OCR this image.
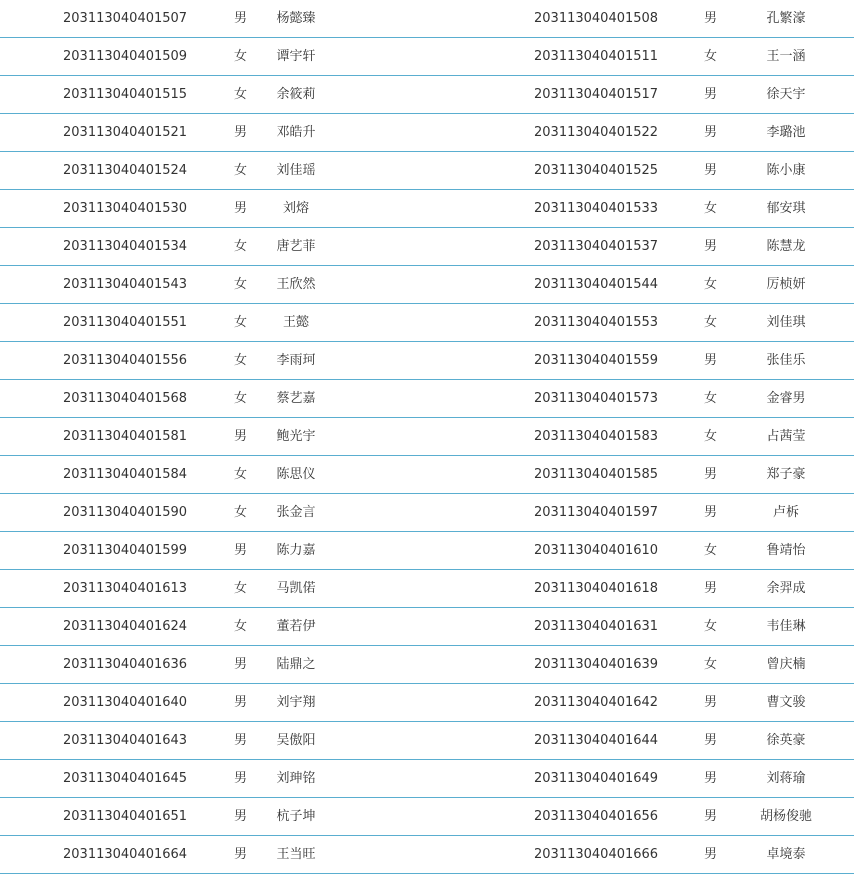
203113040401507	男 杨懿臻	203113040401508	男	孔繁濠
203113040401509	女 谭宇轩	203113040401511	女	王一涵
203113040401515	女 余筱莉	203113040401517	男	徐天宇
203113040401521	男 邓皓升	203113040401522	男	李璐池
203113040401524	女 刘佳瑶	203113040401525	男	陈小康
203113040401530	男	刘熔	203113040401533	女	郁安琪
203113040401534	女 唐艺菲	203113040401537	男	陈慧龙
203113040401543	女 王欣然	203113040401544	女	厉桢妍
203113040401551	女	王懿	203113040401553	女	刘佳琪
203113040401556	女 李雨珂	203113040401559	男	张佳乐
203113040401568	女 蔡艺嘉	203113040401573	女	金睿男
203113040401581	男 鲍光宇	203113040401583	女	占茜莹
203113040401584	女 陈思仪	203113040401585	男	郑子豪
203113040401590	女 张金言	203113040401597	男	卢柝
203113040401599	男 陈力嘉	203113040401610	女	鲁靖怡
203113040401613	女 马凯偌	203113040401618	男	余羿成
203113040401624	女 董若伊	203113040401631	女	韦佳琳
203113040401636	男 陆鼎之	203113040401639	女	曾庆楠
203113040401640	男 刘宇翔	203113040401642	男	曹文骏
203113040401643	男 吴傲阳	203113040401644	男	徐英豪
203113040401645	男 刘珅铭	203113040401649	男	刘蒋瑜
203113040401651	男 杭子坤	203113040401656	男	胡杨俊驰
203113040401664	男 王当旺	203113040401666	男	卓境泰
